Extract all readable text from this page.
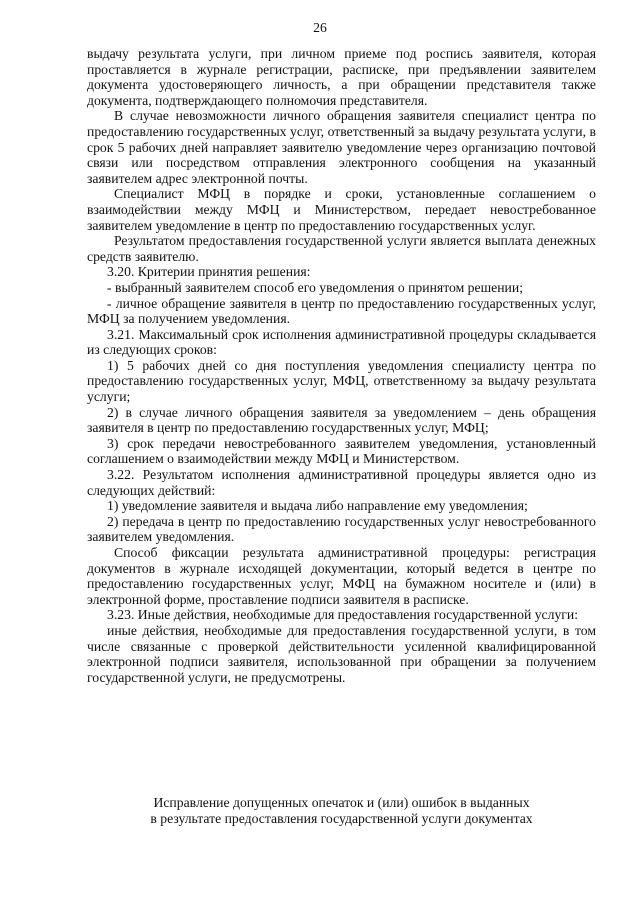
26

выдачу результата услуги, при личном приеме под роспись заявителя, которая проставляется в журнале регистрации, расписке, при предъявлении заявителем документа удостоверяющего личность, а при обращении представителя также документа, подтверждающего полномочия представителя.

В случае невозможности личного обращения заявителя специалист центра по предоставлению государственных услуг, ответственный за выдачу результата услуги, в срок 5 рабочих дней направляет заявителю уведомление через организацию почтовой связи или посредством отправления электронного сообщения на указанный заявителем адрес электронной почты.

Специалист МФЦ в порядке и сроки, установленные соглашением о взаимодействии между МФЦ и Министерством, передает невостребованное заявителем уведомление в центр по предоставлению государственных услуг.

Результатом предоставления государственной услуги является выплата денежных средств заявителю.

3.20. Критерии принятия решения:

- выбранный заявителем способ его уведомления о принятом решении;

- личное обращение заявителя в центр по предоставлению государственных услуг, МФЦ за получением уведомления.

3.21. Максимальный срок исполнения административной процедуры складывается из следующих сроков:

1) 5 рабочих дней со дня поступления уведомления специалисту центра по предоставлению государственных услуг, МФЦ, ответственному за выдачу результата услуги;

2) в случае личного обращения заявителя за уведомлением – день обращения заявителя в центр по предоставлению государственных услуг, МФЦ;

3) срок передачи невостребованного заявителем уведомления, установленный соглашением о взаимодействии между МФЦ и Министерством.

3.22. Результатом исполнения административной процедуры является одно из следующих действий:

1) уведомление заявителя и выдача либо направление ему уведомления;

2) передача в центр по предоставлению государственных услуг невостребованного заявителем уведомления.

Способ фиксации результата административной процедуры: регистрация документов в журнале исходящей документации, который ведется в центре по предоставлению государственных услуг, МФЦ на бумажном носителе и (или) в электронной форме, проставление подписи заявителя в расписке.

3.23. Иные действия, необходимые для предоставления государственной услуги:

иные действия, необходимые для предоставления государственной услуги, в том числе связанные с проверкой действительности усиленной квалифицированной электронной подписи заявителя, использованной при обращении за получением государственной услуги, не предусмотрены.

Исправление допущенных опечаток и (или) ошибок в выданных

в результате предоставления государственной услуги документах
